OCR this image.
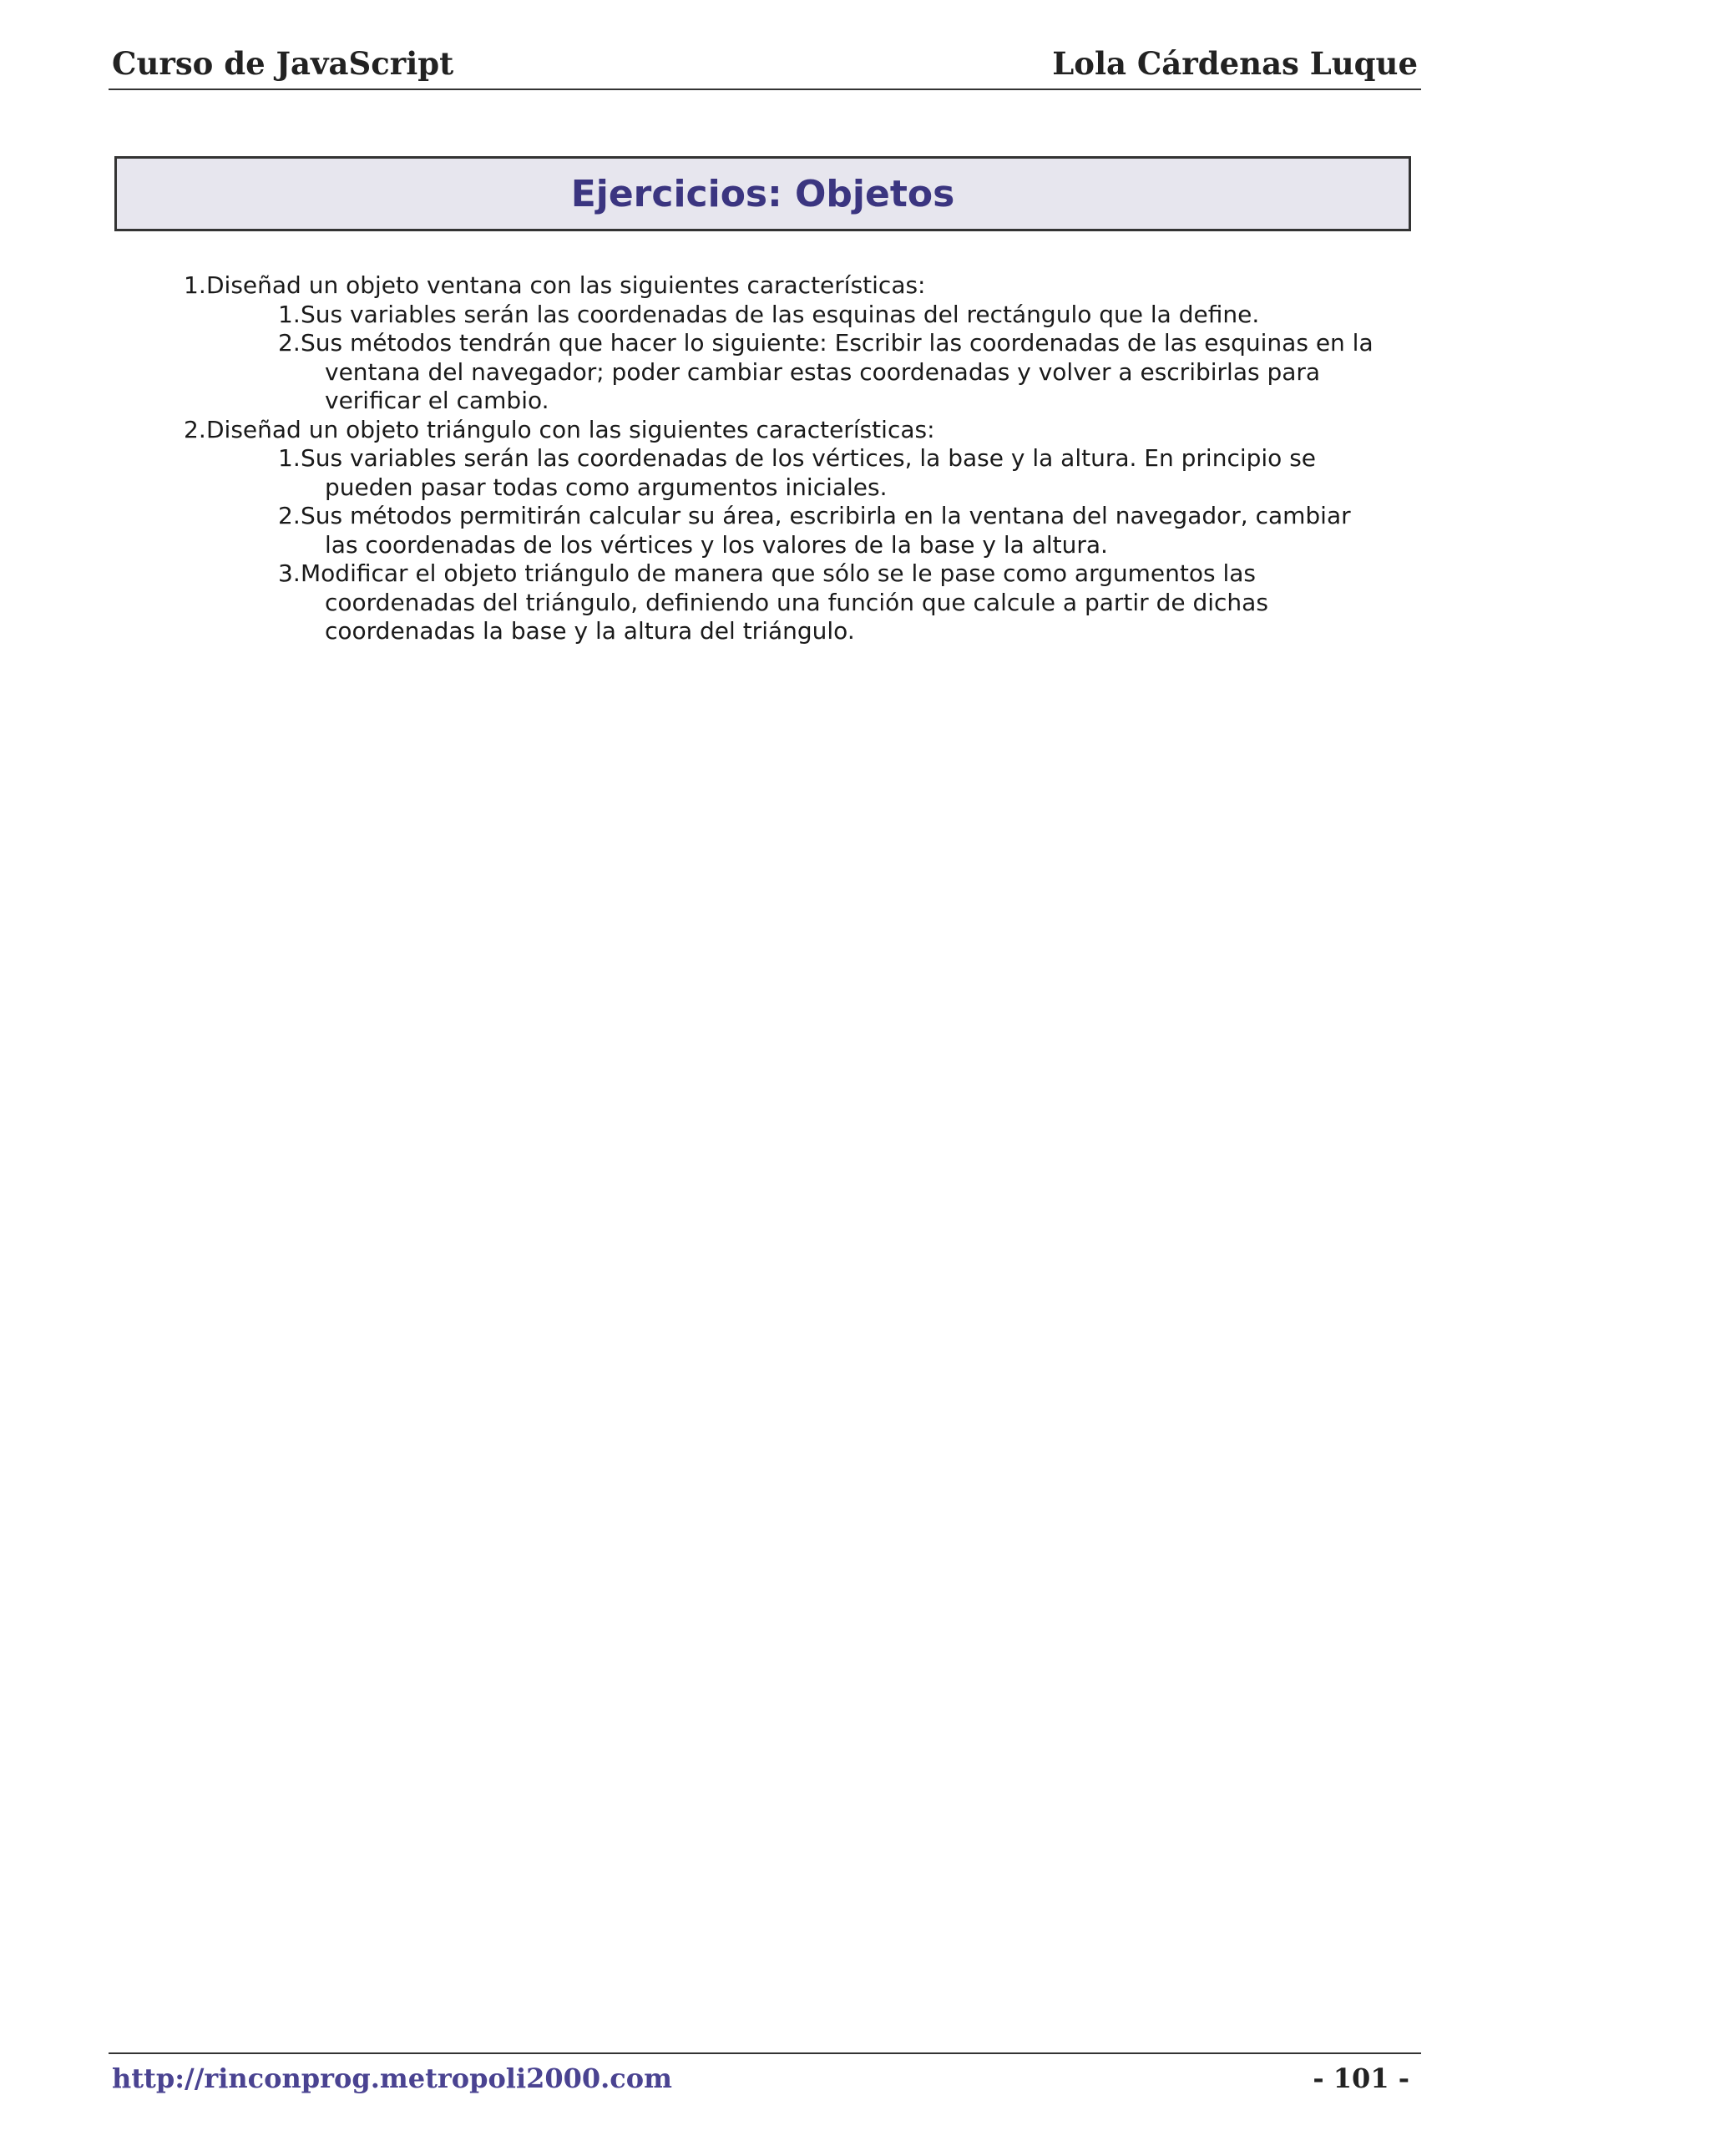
Curso de JavaScript	Lola Cárdenas Luque
Ejercicios: Objetos
1. Diseñad un objeto ventana con las siguientes características:
1. Sus variables serán las coordenadas de las esquinas del rectángulo que la define.
2. Sus métodos tendrán que hacer lo siguiente: Escribir las coordenadas de las esquinas en la
ventana del navegador; poder cambiar estas coordenadas y volver a escribirlas para
verificar el cambio.
2. Diseñad un objeto triángulo con las siguientes características:
1. Sus variables serán las coordenadas de los vértices, la base y la altura. En principio se
pueden pasar todas como argumentos iniciales.
2. Sus métodos permitirán calcular su área, escribirla en la ventana del navegador, cambiar
las coordenadas de los vértices y los valores de la base y la altura.
3. Modificar el objeto triángulo de manera que sólo se le pase como argumentos las
coordenadas del triángulo, definiendo una función que calcule a partir de dichas
coordenadas la base y la altura del triángulo.
http://rinconprog.metropoli2000.com	- 101 -
